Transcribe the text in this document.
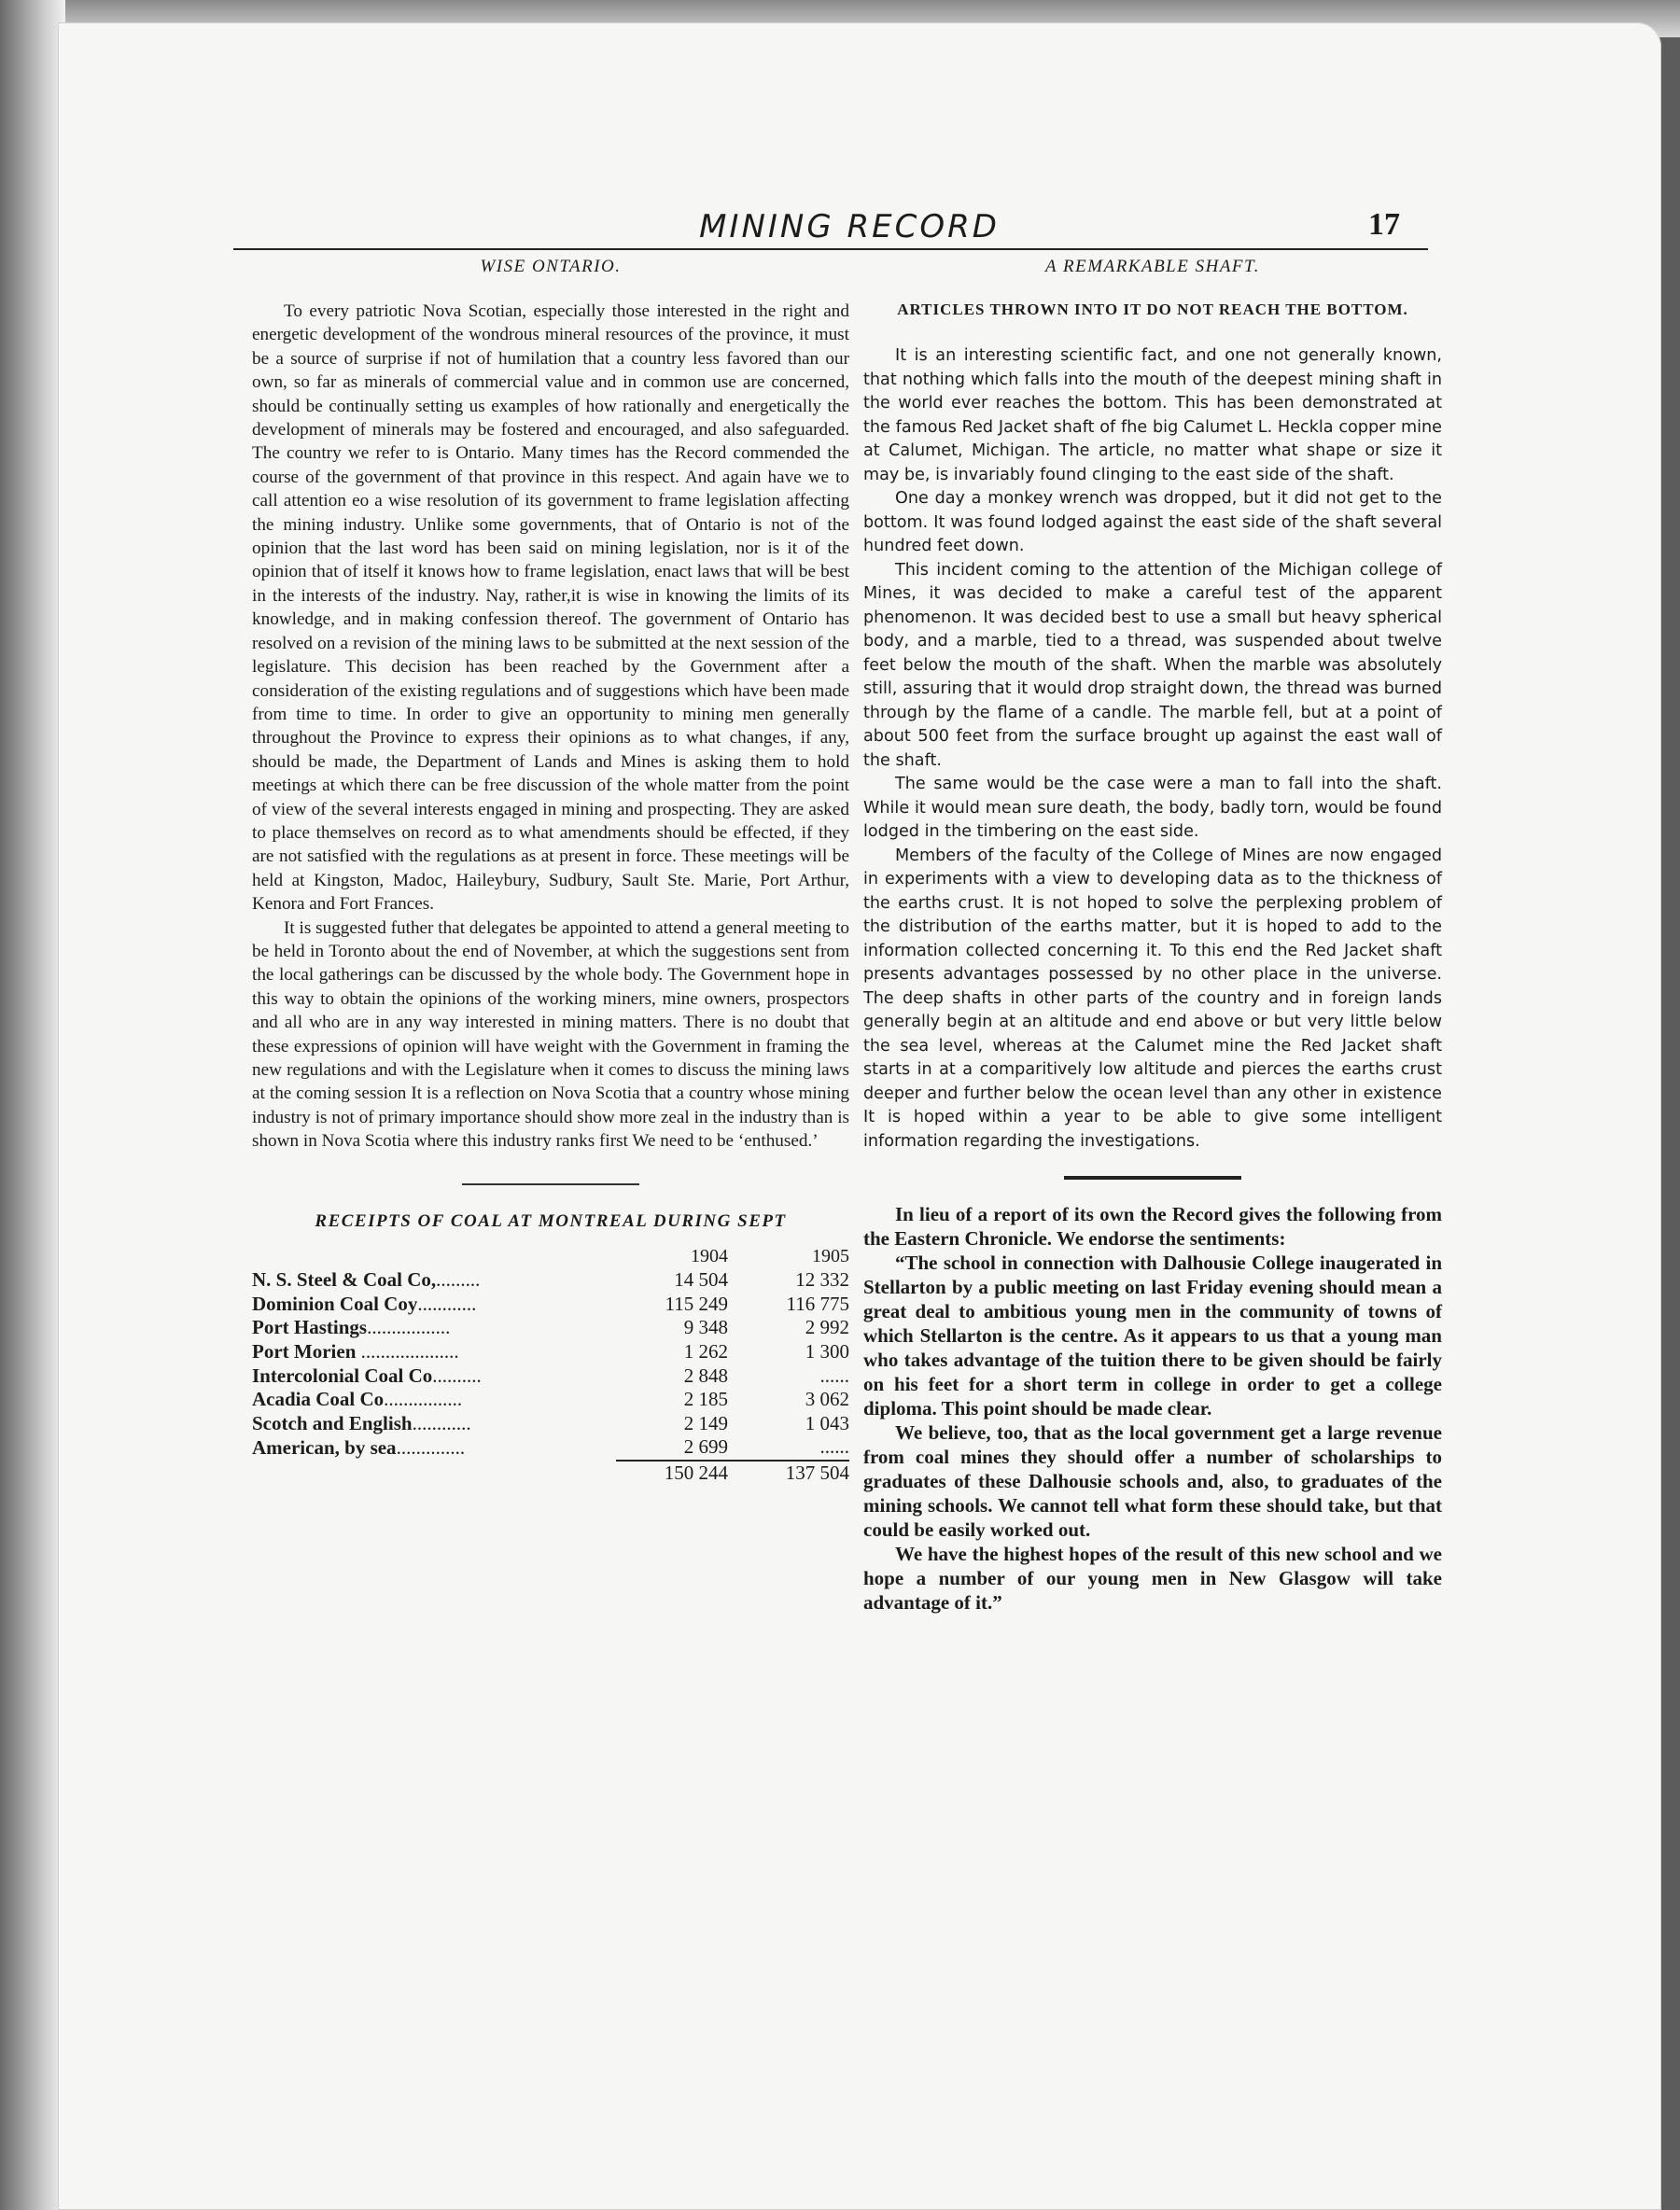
MINING RECORD	17
WISE ONTARIO.

To every patriotic Nova Scotian, especially those interested in the right and energetic development of the wondrous mineral resources of the province, it must be a source of surprise if not of humilation that a country less favored than our own, so far as minerals of commercial value and in common use are concerned, should be continually setting us examples of how rationally and energetically the development of minerals may be fostered and encouraged, and also safeguarded. The country we refer to is Ontario. Many times has the Record commended the course of the government of that province in this respect. And again have we to call attention eo a wise resolution of its government to frame legislation affecting the mining industry. Unlike some governments, that of Ontario is not of the opinion that the last word has been said on mining legislation, nor is it of the opinion that of itself it knows how to frame legislation, enact laws that will be best in the interests of the industry. Nay, rather,it is wise in knowing the limits of its knowledge, and in making confession thereof. The government of Ontario has resolved on a revision of the mining laws to be submitted at the next session of the legislature. This decision has been reached by the Government after a consideration of the existing regulations and of suggestions which have been made from time to time. In order to give an opportunity to mining men generally throughout the Province to express their opinions as to what changes, if any, should be made, the Department of Lands and Mines is asking them to hold meetings at which there can be free discussion of the whole matter from the point of view of the several interests engaged in mining and prospecting. They are asked to place themselves on record as to what amendments should be effected, if they are not satisfied with the regulations as at present in force. These meetings will be held at Kingston, Madoc, Haileybury, Sudbury, Sault Ste. Marie, Port Arthur, Kenora and Fort Frances.

It is suggested futher that delegates be appointed to attend a general meeting to be held in Toronto about the end of November, at which the suggestions sent from the local gatherings can be discussed by the whole body. The Government hope in this way to obtain the opinions of the working miners, mine owners, prospectors and all who are in any way interested in mining matters. There is no doubt that these expressions of opinion will have weight with the Government in framing the new regulations and with the Legislature when it comes to discuss the mining laws at the coming session It is a reflection on Nova Scotia that a country whose mining industry is not of primary importance should show more zeal in the industry than is shown in Nova Scotia where this industry ranks first We need to be ‘enthused.’

RECEIPTS OF COAL AT MONTREAL DURING SEPT
	1904	1905
N. S. Steel & Coal Co,.........	14 504	12 332
Dominion Coal Coy............	115 249	116 775
Port Hastings.................	9 348	2 992
Port Morien ....................	1 262	1 300
Intercolonial Coal Co..........	2 848	......
Acadia Coal Co................	2 185	3 062
Scotch and English............	2 149	1 043
American, by sea..............	2 699	......
	150 244	137 504
A REMARKABLE SHAFT.
ARTICLES THROWN INTO IT DO NOT REACH THE BOTTOM.

It is an interesting scientific fact, and one not generally known, that nothing which falls into the mouth of the deepest mining shaft in the world ever reaches the bottom. This has been demonstrated at the famous Red Jacket shaft of fhe big Calumet L. Heckla copper mine at Calumet, Michigan. The article, no matter what shape or size it may be, is invariably found clinging to the east side of the shaft.

One day a monkey wrench was dropped, but it did not get to the bottom. It was found lodged against the east side of the shaft several hundred feet down.

This incident coming to the attention of the Michigan college of Mines, it was decided to make a careful test of the apparent phenomenon. It was decided best to use a small but heavy spherical body, and a marble, tied to a thread, was suspended about twelve feet below the mouth of the shaft. When the marble was absolutely still, assuring that it would drop straight down, the thread was burned through by the flame of a candle. The marble fell, but at a point of about 500 feet from the surface brought up against the east wall of the shaft.

The same would be the case were a man to fall into the shaft. While it would mean sure death, the body, badly torn, would be found lodged in the timbering on the east side.

Members of the faculty of the College of Mines are now engaged in experiments with a view to developing data as to the thickness of the earths crust. It is not hoped to solve the perplexing problem of the distribution of the earths matter, but it is hoped to add to the information collected concerning it. To this end the Red Jacket shaft presents advantages possessed by no other place in the universe. The deep shafts in other parts of the country and in foreign lands generally begin at an altitude and end above or but very little below the sea level, whereas at the Calumet mine the Red Jacket shaft starts in at a comparitively low altitude and pierces the earths crust deeper and further below the ocean level than any other in existence It is hoped within a year to be able to give some intelligent information regarding the investigations.

In lieu of a report of its own the Record gives the following from the Eastern Chronicle. We endorse the sentiments:

“The school in connection with Dalhousie College inaugerated in Stellarton by a public meeting on last Friday evening should mean a great deal to ambitious young men in the community of towns of which Stellarton is the centre. As it appears to us that a young man who takes advantage of the tuition there to be given should be fairly on his feet for a short term in college in order to get a college diploma. This point should be made clear.

We believe, too, that as the local government get a large revenue from coal mines they should offer a number of scholarships to graduates of these Dalhousie schools and, also, to graduates of the mining schools. We cannot tell what form these should take, but that could be easily worked out.

We have the highest hopes of the result of this new school and we hope a number of our young men in New Glasgow will take advantage of it.”
